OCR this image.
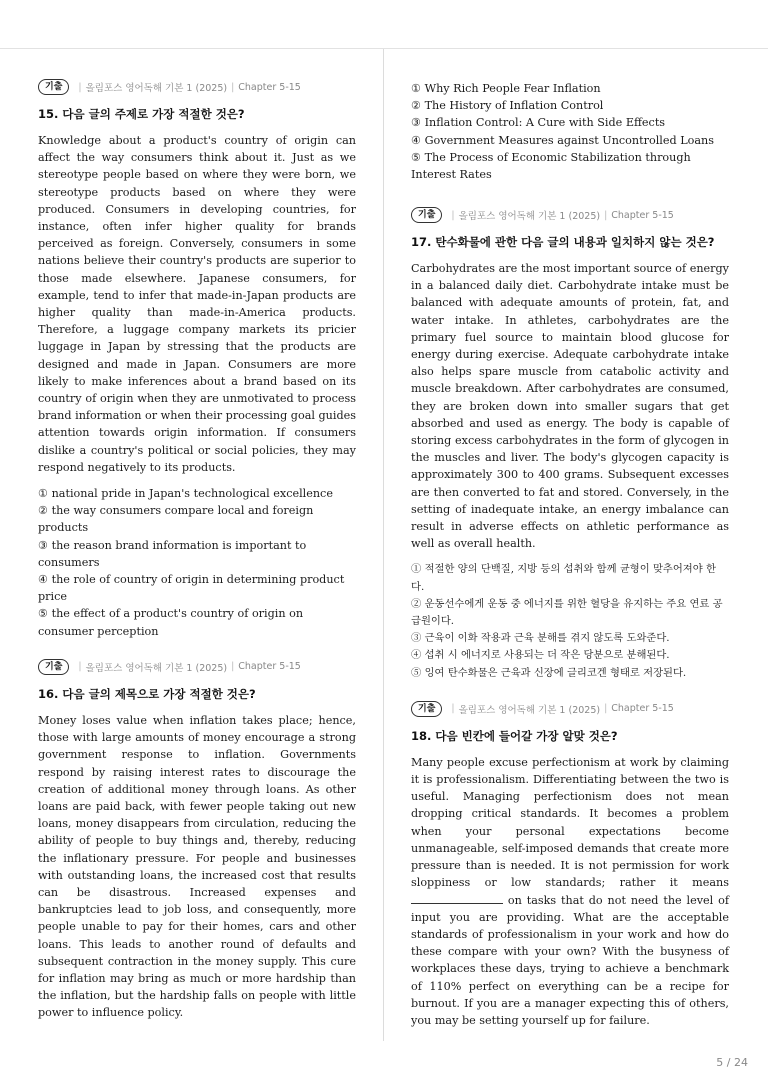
기출	| 올림포스 영어독해 기본 1 (2025) | Chapter 5-15
15. 다음 글의 주제로 가장 적절한 것은?

Knowledge about a product's country of origin can affect the way consumers think about it. Just as we stereotype people based on where they were born, we stereotype products based on where they were produced. Consumers in developing countries, for instance, often infer higher quality for brands perceived as foreign. Conversely, consumers in some nations believe their country's products are superior to those made elsewhere. Japanese consumers, for example, tend to infer that made-in-Japan products are higher quality than made-in-America products. Therefore, a luggage company markets its pricier luggage in Japan by stressing that the products are designed and made in Japan. Consumers are more likely to make inferences about a brand based on its country of origin when they are unmotivated to process brand information or when their processing goal guides attention towards origin information. If consumers dislike a country's political or social policies, they may respond negatively to its products.

① national pride in Japan's technological excellence
② the way consumers compare local and foreign products
③ the reason brand information is important to consumers
④ the role of country of origin in determining product price
⑤ the effect of a product's country of origin on consumer perception
기출	| 올림포스 영어독해 기본 1 (2025) | Chapter 5-15
16. 다음 글의 제목으로 가장 적절한 것은?

Money loses value when inflation takes place; hence, those with large amounts of money encourage a strong government response to inflation. Governments respond by raising interest rates to discourage the creation of additional money through loans. As other loans are paid back, with fewer people taking out new loans, money disappears from circulation, reducing the ability of people to buy things and, thereby, reducing the inflationary pressure. For people and businesses with outstanding loans, the increased cost that results can be disastrous. Increased expenses and bankruptcies lead to job loss, and consequently, more people unable to pay for their homes, cars and other loans. This leads to another round of defaults and subsequent contraction in the money supply. This cure for inflation may bring as much or more hardship than the inflation, but the hardship falls on people with little power to influence policy.

① Why Rich People Fear Inflation
② The History of Inflation Control
③ Inflation Control: A Cure with Side Effects
④ Government Measures against Uncontrolled Loans
⑤ The Process of Economic Stabilization through Interest Rates
기출	| 올림포스 영어독해 기본 1 (2025) | Chapter 5-15
17. 탄수화물에 관한 다음 글의 내용과 일치하지 않는 것은?

Carbohydrates are the most important source of energy in a balanced daily diet. Carbohydrate intake must be balanced with adequate amounts of protein, fat, and water intake. In athletes, carbohydrates are the primary fuel source to maintain blood glucose for energy during exercise. Adequate carbohydrate intake also helps spare muscle from catabolic activity and muscle breakdown. After carbohydrates are consumed, they are broken down into smaller sugars that get absorbed and used as energy. The body is capable of storing excess carbohydrates in the form of glycogen in the muscles and liver. The body's glycogen capacity is approximately 300 to 400 grams. Subsequent excesses are then converted to fat and stored. Conversely, in the setting of inadequate intake, an energy imbalance can result in adverse effects on athletic performance as well as overall health.

① 적절한 양의 단백질, 지방 등의 섭취와 함께 균형이 맞추어져야 한다.
② 운동선수에게 운동 중 에너지를 위한 혈당을 유지하는 주요 연료 공급원이다.
③ 근육이 이화 작용과 근육 분해를 겪지 않도록 도와준다.
④ 섭취 시 에너지로 사용되는 더 작은 당분으로 분해된다.
⑤ 잉여 탄수화물은 근육과 신장에 글리코겐 형태로 저장된다.
기출	| 올림포스 영어독해 기본 1 (2025) | Chapter 5-15
18. 다음 빈칸에 들어갈 가장 알맞 것은?

Many people excuse perfectionism at work by claiming it is professionalism. Differentiating between the two is useful. Managing perfectionism does not mean dropping critical standards. It becomes a problem when your personal expectations become unmanageable, self-imposed demands that create more pressure than is needed. It is not permission for work sloppiness or low standards; rather it means  on tasks that do not need the level of input you are providing. What are the acceptable standards of professionalism in your work and how do these compare with your own? With the busyness of workplaces these days, trying to achieve a benchmark of 110% perfect on everything can be a recipe for burnout. If you are a manager expecting this of others, you may be setting yourself up for failure.

5 / 24
